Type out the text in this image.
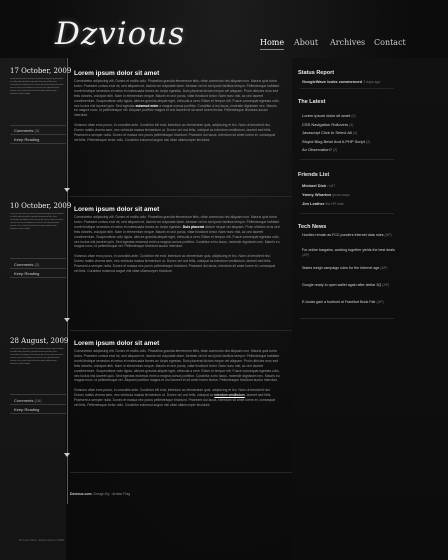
Dzvious	Home About Archives Contact
17 October, 2009
Lorem ipsum dolor sit amet consectetur adipiscing elit donec et mollis odio phasellus gravida fermentum felis vitae commodo nisi aliquam non mauris quis tortor tortor praesent cursus erat mi sed aliquam mi lacinia vel vulputate diam aenean vel mi sed justo facilisis tempor pellentesque habitant morbi tristique
Comments (3)
Keep Reading
10 October, 2009
Lorem ipsum dolor sit amet consectetur adipiscing elit donec et mollis odio phasellus gravida fermentum felis vitae commodo nisi aliquam non mauris quis tortor tortor praesent cursus erat mi sed aliquam mi lacinia vel vulputate diam aenean vel mi sed justo facilisis tempor pellentesque habitant morbi tristique
Comments (2)
Keep Reading
28 August, 2009
Lorem ipsum dolor sit amet consectetur adipiscing elit donec et mollis odio phasellus gravida fermentum felis vitae commodo nisi aliquam non mauris quis tortor tortor praesent cursus erat mi sed aliquam mi lacinia vel vulputate diam aenean vel mi sed justo facilisis tempor pellentesque habitant morbi tristique
Comments (16)
Keep Reading
Dzvious Web, Status Report 2009
Lorem ipsum dolor sit amet

Consectetur adipiscing elit. Donec et mollis odio. Phasellus gravida fermentum felis, vitae commodo nisi aliquam non. Mauris quis tortor tortor. Praesent cursus erat mi, sed aliquam mi, lacinia vel vulputate diam. Aenean vel mi sed justo facilisis tempor. Pellentesque habitant morbi tristique senectus et netus et malesuada fames ac turpis egestas. Duis placerat dictum neque vel aliquam. Proin ultricies eros sed felis lobortis, volutpat nibh. Nam in elementum neque. Mauris et orci purus, vitae tincidunt tortor. Nam nunc nisl, ac orci laoreet condimentum. Suspendisse odio ligula, ultrices gravida aliquet eget, vehicula a sem. Etiam et tempor elit. Fusce consequat egestas odio, nec luctus nisl laoreet quis. Sed egestas euismod enim a magna cursus porttitor. Curabitur a leo lacus, molestie dignissim nec. Mauris eu magna nunc, id pellentesque vel. Aliquam porttitor magna et orci laoreet et sit amet lorem lectus. Pellentesque tincidunt auctor interdum.

Vivamus vitae eros purus, in convallis ante. Curabitur elit erat, interdum ac elementum quis, adipiscing et leo. Nam ut bendrerit nisi. Donec mattis viverra sem, nec vehicula massa fermentum ut. Donec vel orci felis, volutpat ac interdum vestibulum, laoreet sed felis. Praesent a semper nulla. Donec et massa nec purus pellentesque tincidunt. Praesent dui lacus, interdum sit amet lorem et, consequat vel felis. Pellentesque tortor odio. Curabitur euismod augue nisi vitae ullamcorper tincidunt.

Lorem ipsum dolor sit amet

Consectetur adipiscing elit. Donec et mollis odio. Phasellus gravida fermentum felis, vitae commodo nisi aliquam non. Mauris quis tortor tortor. Praesent cursus erat mi, sed aliquam mi, lacinia vel vulputate diam. Aenean vel mi sed justo facilisis tempor. Pellentesque habitant morbi tristique senectus et netus et malesuada fames ac turpis egestas. Duis placerat dictum neque vel aliquam. Proin ultricies eros sed felis lobortis, volutpat nibh. Nam in elementum neque. Mauris et orci purus, vitae tincidunt tortor. Nam nunc nisl, ac orci laoreet condimentum. Suspendisse odio ligula, ultrices gravida aliquet eget, vehicula a sem. Etiam et tempor elit. Fusce consequat egestas odio, nec luctus nisl laoreet quis. Sed egestas euismod enim a magna cursus porttitor. Curabitur a leo lacus, molestie dignissim nec. Mauris eu magna nunc, id pellentesque vel. Pellentesque tincidunt auctor interdum.

Vivamus vitae eros purus, in convallis ante. Curabitur elit erat, interdum ac elementum quis, adipiscing et leo. Nam ut bendrerit nisi. Donec mattis viverra sem, nec vehicula massa fermentum ut. Donec vel orci felis, volutpat ac interdum vestibulum, laoreet sed felis. Praesent a semper nulla. Donec et massa nec purus pellentesque tincidunt. Praesent dui lacus, interdum sit amet lorem et, consequat vel felis. Curabitur euismod augue nisi vitae ullamcorper tincidunt.

Lorem ipsum dolor sit amet

Consectetur adipiscing elit. Donec et mollis odio. Phasellus gravida fermentum felis, vitae commodo nisi aliquam non. Mauris quis tortor tortor. Praesent cursus erat mi, sed aliquam mi, lacinia vel vulputate diam. Aenean vel mi sed justo facilisis tempor. Pellentesque habitant morbi tristique senectus et netus et malesuada fames ac turpis egestas. Duis placerat dictum neque vel aliquam. Proin ultricies eros sed felis lobortis, volutpat nibh. Nam in elementum neque. Mauris et orci purus, vitae tincidunt tortor. Nam nunc nisl, ac orci laoreet condimentum. Suspendisse odio ligula, ultrices gravida aliquet eget, vehicula a sem. Etiam et tempor elit. Fusce consequat egestas odio, nec luctus nisl laoreet quis. Sed egestas euismod enim a magna cursus porttitor. Curabitur a leo lacus, molestie dignissim nec. Mauris eu magna nunc, id pellentesque vel. Aliquam porttitor magna et orci laoreet et sit amet lorem lectus. Pellentesque tincidunt auctor interdum.

Vivamus vitae eros purus, in convallis ante. Curabitur elit erat, interdum ac elementum quis, adipiscing et leo. Nam ut bendrerit nisi. Donec mattis viverra sem, nec vehicula massa fermentum ut. Donec vel orci felis, volutpat ac interdum vestibulum, laoreet sed felis. Praesent a semper nulla. Donec et massa nec purus pellentesque tincidunt. Praesent dui lacus, interdum sit amet lorem et, consequat vel felis. Pellentesque tortor odio. Curabitur euismod augue nisi vitae ullamcorper tincidunt.

Dzvious.com. Design By : Ardian Flag
Status Report
GoogleWave looks commenced 3 days ago
The Latest
Lorem ipsum dolor sit amet (3)
CSS Navigation Rollovers (4)
Javascript Click to Select All (4)
Stupid Blog Beta! And A PHP Script (2)
An Observation? (2)
Friends List
Michael Dick / n87
Yanny Wharton ipsum says
Jim Leather the HP side
Tech News
Hurdles remain as FCC ponders Internet data rules (AP)
For online bargains, working together yields the best deals (AP)
States weigh campaign rules for the Internet age (AP)
Google ready to open wallet again after stellar 3Q (AP)
E-books gain a foothold at Frankfurt Book Fair (AP)
